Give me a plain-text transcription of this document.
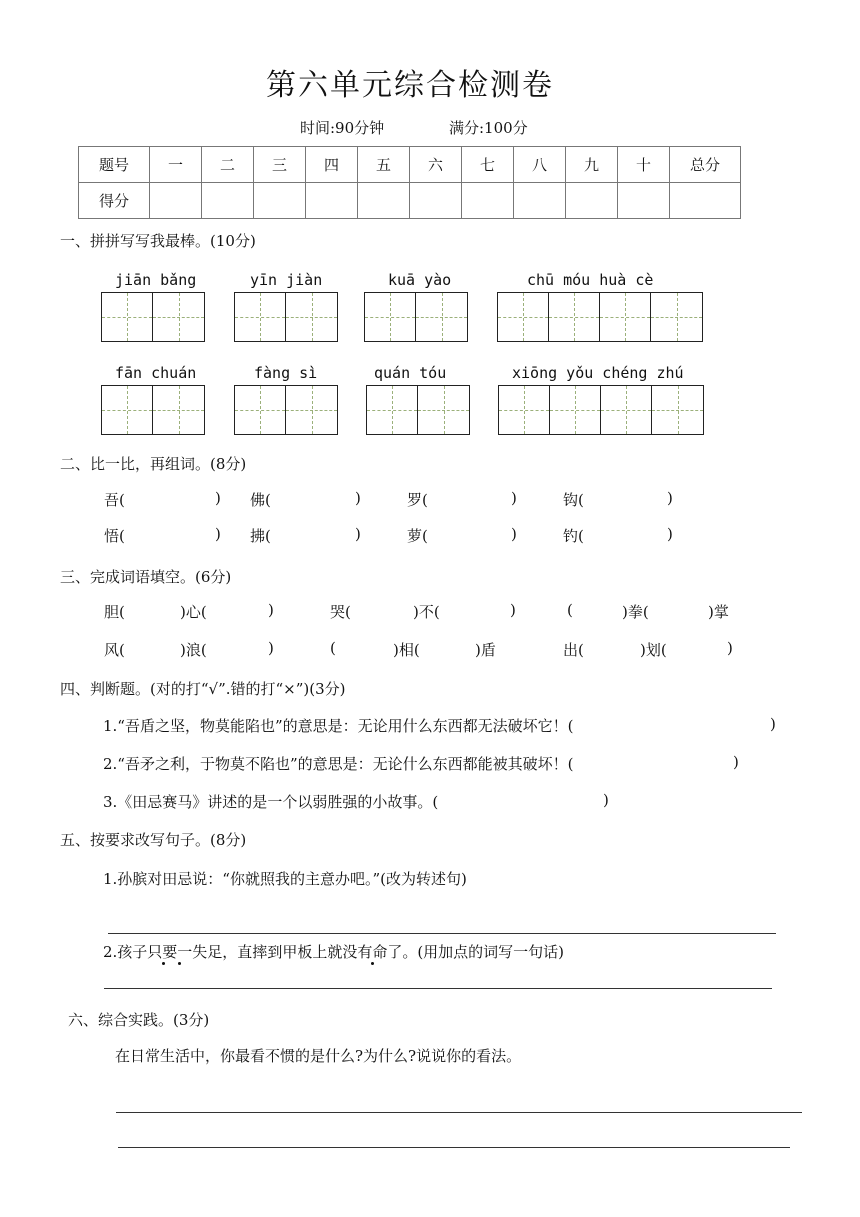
第六单元综合检测卷
时间:90分钟	满分:100分
题号	一	二	三	四	五	六	七	八	九	十	总分
得分											
一、拼拼写写我最棒。(10分)
jiān bǎng	yīn jiàn	kuā yào	chū móu huà cè
fān chuán	fàng sì	quán tóu	xiōng yǒu chéng zhú
二、比一比，再组词。(8分)
吾(	) 佛(	)	罗(	)	钩(	)
悟(	) 拂(	)	萝(	)	钓(	)
三、完成词语填空。(6分)
胆(	)心(	)	哭(	)不(	)	(	)拳(	)掌
风(	)浪(	)	(	)相(	)盾	出(	)划(	)
四、判断题。(对的打“√”.错的打“×”)(3分)
1.“吾盾之坚，物莫能陷也”的意思是：无论用什么东西都无法破坏它！(	)
2.“吾矛之利，于物莫不陷也”的意思是：无论什么东西都能被其破坏！(	)
3.《田忌赛马》讲述的是一个以弱胜强的小故事。(	)
五、按要求改写句子。(8分)
1.孙膑对田忌说：“你就照我的主意办吧。”(改为转述句)
2.孩子只要一失足，直摔到甲板上就没有命了。(用加点的词写一句话)
六、综合实践。(3分)
在日常生活中，你最看不惯的是什么?为什么?说说你的看法。
